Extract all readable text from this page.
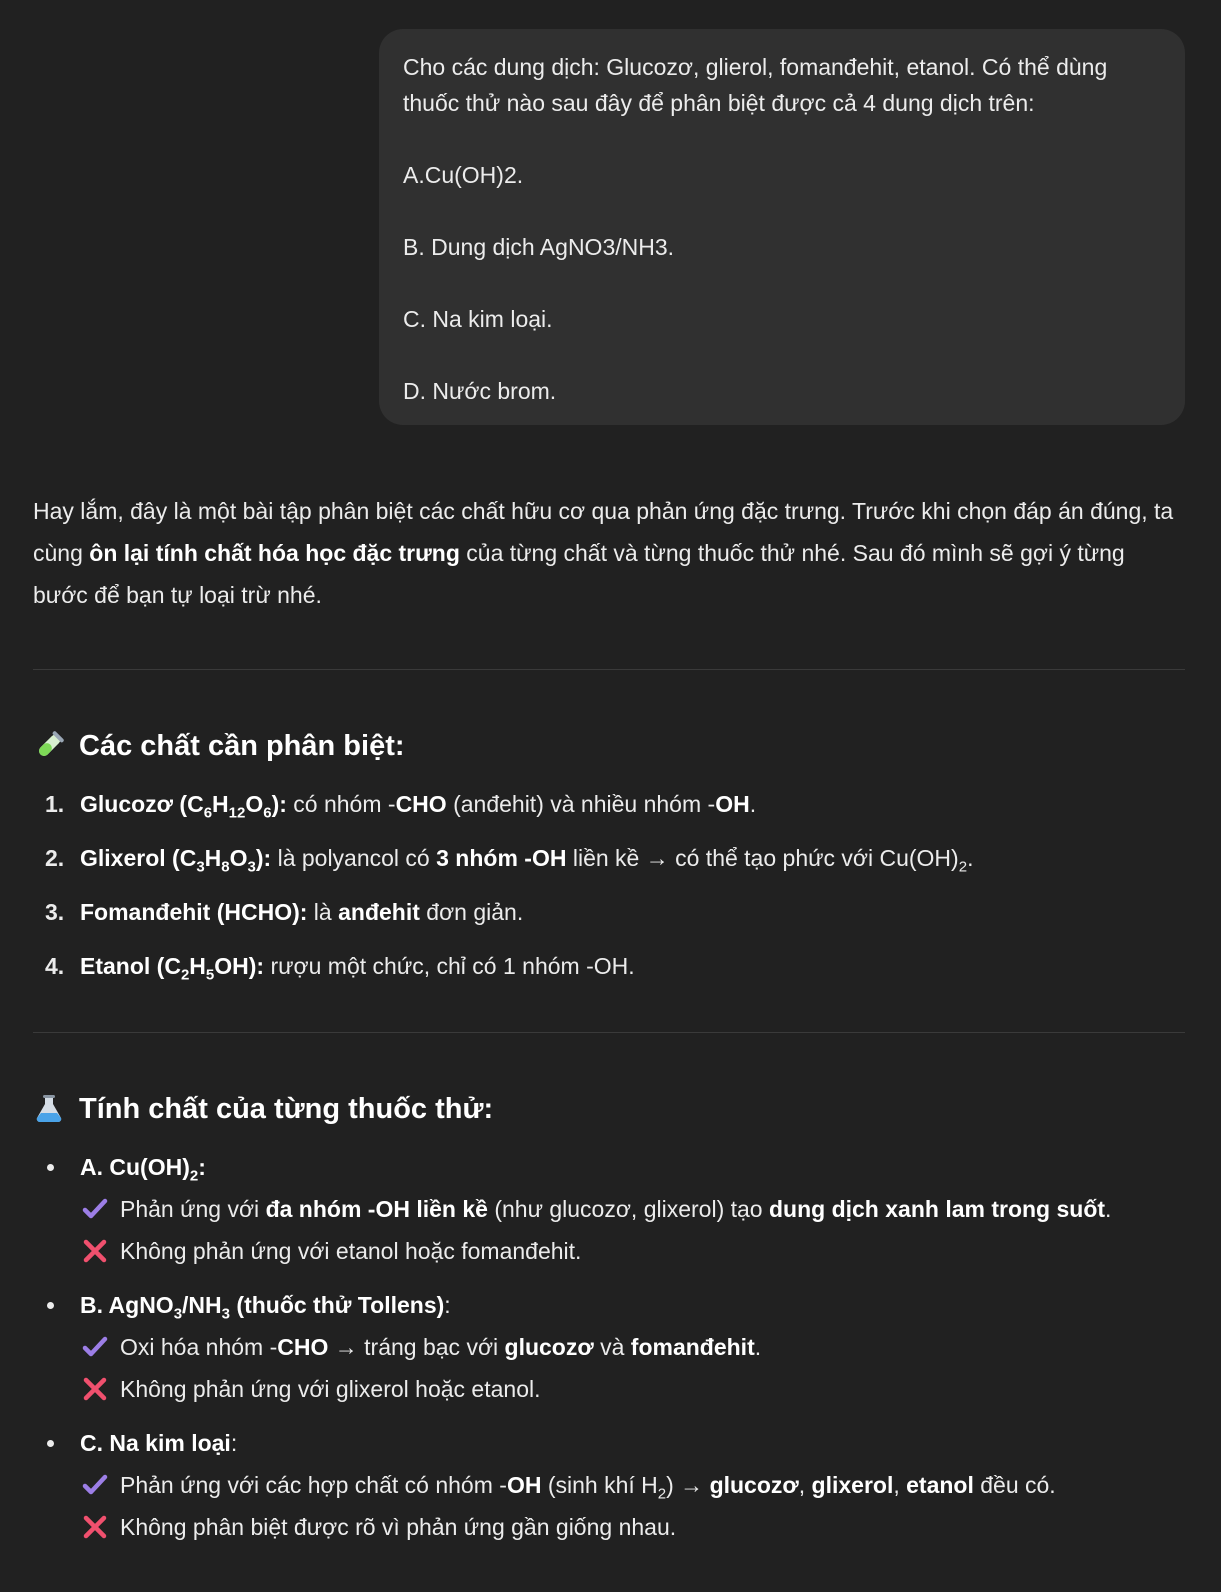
Cho các dung dịch: Glucozơ, glierol, fomanđehit, etanol. Có thể dùng thuốc thử nào sau đây để phân biệt được cả 4 dung dịch trên:

A.Cu(OH)2.

B. Dung dịch AgNO3/NH3.

C. Na kim loại.

D. Nước brom.

Hay lắm, đây là một bài tập phân biệt các chất hữu cơ qua phản ứng đặc trưng. Trước khi chọn đáp án đúng, ta cùng ôn lại tính chất hóa học đặc trưng của từng chất và từng thuốc thử nhé. Sau đó mình sẽ gợi ý từng bước để bạn tự loại trừ nhé.

Các chất cần phân biệt:
1. Glucozơ $(C_6H_{12}O_6)$: có nhóm -CHO (anđehit) và nhiều nhóm -OH.
2. Glixerol $(C_3H_8O_3)$: là polyancol có 3 nhóm -OH liền kề → có thể tạo phức với $Cu(OH)_2$.
3. Fomanđehit (HCHO): là anđehit đơn giản.
4. Etanol $(C_2H_5OH)$: rượu một chức, chỉ có 1 nhóm -OH.
Tính chất của từng thuốc thử:
A. $Cu(OH)_2$:
Phản ứng với đa nhóm -OH liền kề (như glucozơ, glixerol) tạo dung dịch xanh lam trong suốt.
Không phản ứng với etanol hoặc fomanđehit.
B. $AgNO_3/NH_3$ (thuốc thử Tollens):
Oxi hóa nhóm -CHO → tráng bạc với glucozơ và fomanđehit.
Không phản ứng với glixerol hoặc etanol.
C. Na kim loại:
Phản ứng với các hợp chất có nhóm -OH (sinh khí $H_2$) → glucozơ, glixerol, etanol đều có.
Không phân biệt được rõ vì phản ứng gần giống nhau.
